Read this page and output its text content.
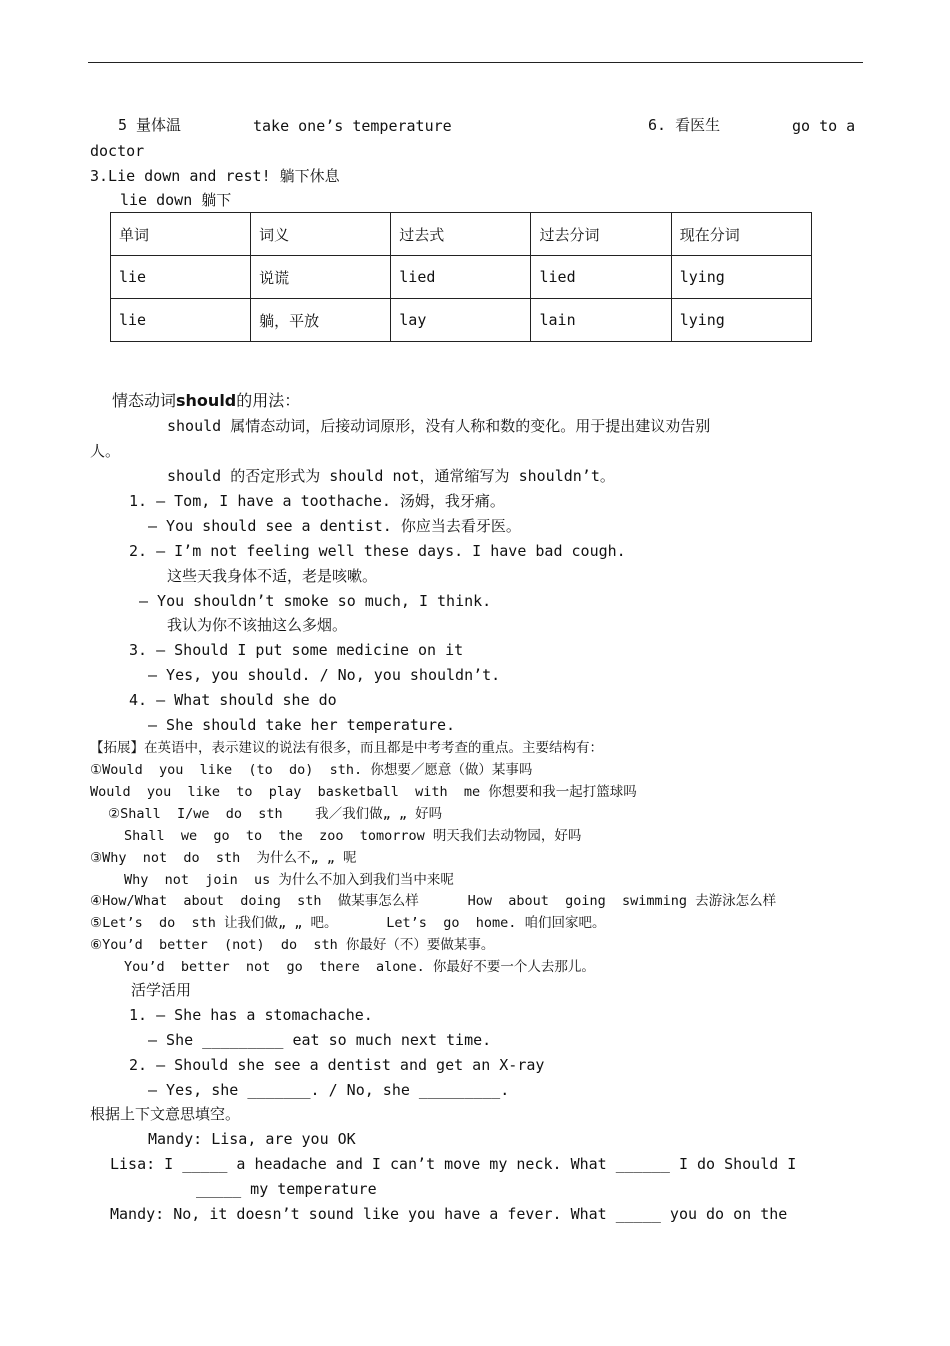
5 量体温	take one’s temperature	6. 看医生	go to a
doctor
3.Lie down and rest! 躺下休息
lie down 躺下
单词	词义	过去式	过去分词	现在分词
lie	说谎	lied	lied	lying
lie	躺，平放	lay	lain	lying
情态动词should的用法：
should 属情态动词，后接动词原形，没有人称和数的变化。用于提出建议劝告别
人。
should 的否定形式为 should not，通常缩写为 shouldn’t。
1. — Tom, I have a toothache. 汤姆，我牙痛。
— You should see a dentist. 你应当去看牙医。
2. — I’m not feeling well these days. I have bad cough.
这些天我身体不适，老是咳嗽。
— You shouldn’t smoke so much, I think.
我认为你不该抽这么多烟。
3. — Should I put some medicine on it
— Yes, you should. / No, you shouldn’t.
4. — What should she do
— She should take her temperature.
【拓展】在英语中，表示建议的说法有很多，而且都是中考考查的重点。主要结构有：
①Would  you  like  (to  do)  sth. 你想要／愿意（做）某事吗
Would  you  like  to  play  basketball  with  me 你想要和我一起打篮球吗
②Shall  I/we  do  sth    我／我们做„ „ 好吗
Shall  we  go  to  the  zoo  tomorrow 明天我们去动物园，好吗
③Why  not  do  sth  为什么不„ „ 呢
Why  not  join  us 为什么不加入到我们当中来呢
④How/What  about  doing  sth  做某事怎么样      How  about  going  swimming 去游泳怎么样
⑤Let’s  do  sth 让我们做„ „ 吧。      Let’s  go  home. 咱们回家吧。
⑥You’d  better  (not)  do  sth 你最好（不）要做某事。
You’d  better  not  go  there  alone. 你最好不要一个人去那儿。
活学活用
1. — She has a stomachache.
— She _________ eat so much next time.
2. — Should she see a dentist and get an X-ray
— Yes, she _______. / No, she _________.
根据上下文意思填空。
Mandy: Lisa, are you OK
Lisa: I _____ a headache and I can’t move my neck. What ______ I do Should I
_____ my temperature
Mandy: No, it doesn’t sound like you have a fever. What _____ you do on the
